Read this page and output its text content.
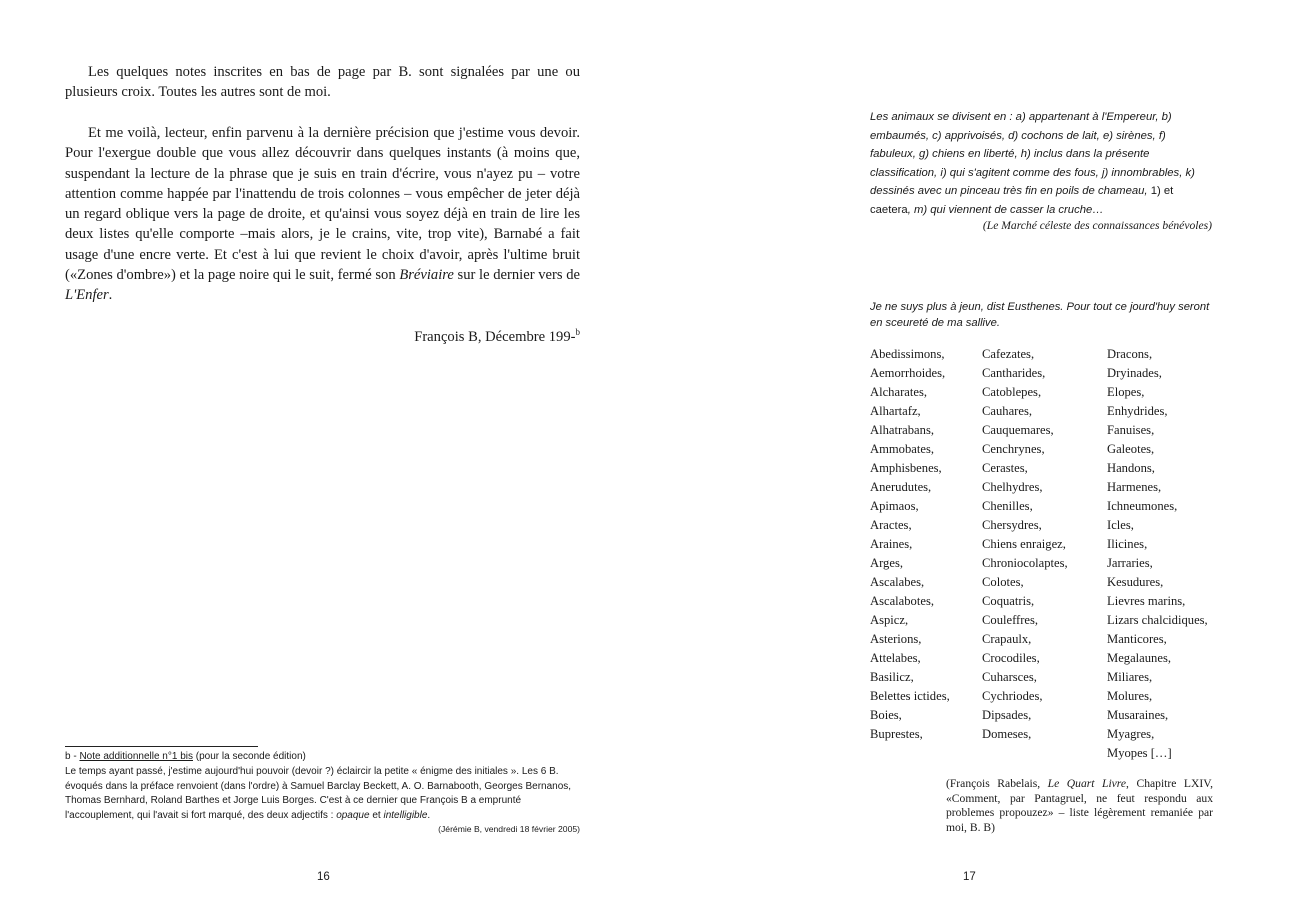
Les quelques notes inscrites en bas de page par B. sont signalées par une ou plusieurs croix. Toutes les autres sont de moi.

Et me voilà, lecteur, enfin parvenu à la dernière précision que j'estime vous devoir. Pour l'exergue double que vous allez découvrir dans quelques instants (à moins que, suspendant la lecture de la phrase que je suis en train d'écrire, vous n'ayez pu – votre attention comme happée par l'inattendu de trois colonnes – vous empêcher de jeter déjà un regard oblique vers la page de droite, et qu'ainsi vous soyez déjà en train de lire les deux listes qu'elle comporte –mais alors, je le crains, vite, trop vite), Barnabé a fait usage d'une encre verte. Et c'est à lui que revient le choix d'avoir, après l'ultime bruit («Zones d'ombre») et la page noire qui le suit, fermé son Bréviaire sur le dernier vers de L'Enfer.

François B, Décembre 199-$^b$

b - Note additionnelle n°1 bis (pour la seconde édition)

Le temps ayant passé, j'estime aujourd'hui pouvoir (devoir ?) éclaircir la petite « énigme des initiales ». Les 6 B. évoqués dans la préface renvoient (dans l'ordre) à Samuel Barclay Beckett, A. O. Barnabooth, Georges Bernanos, Thomas Bernhard, Roland Barthes et Jorge Luis Borges. C'est à ce dernier que François B a emprunté l'accouplement, qui l'avait si fort marqué, des deux adjectifs : opaque et intelligible.

(Jérémie B, vendredi 18 février 2005)
16

Les animaux se divisent en : a) appartenant à l'Empereur, b) embaumés, c) apprivoisés, d) cochons de lait, e) sirènes, f) fabuleux, g) chiens en liberté, h) inclus dans la présente classification, i) qui s'agitent comme des fous, j) innombrables, k) dessinés avec un pinceau très fin en poils de chameau, 1) et caetera, m) qui viennent de casser la cruche…

(Le Marché céleste des connaissances bénévoles)

Je ne suys plus à jeun, dist Eusthenes. Pour tout ce jourd'huy seront en sceureté de ma sallive.

Abedissimons,
Aemorrhoides,
Alcharates,
Alhartafz,
Alhatrabans,
Ammobates,
Amphisbenes,
Anerudutes,
Apimaos,
Aractes,
Araines,
Arges,
Ascalabes,
Ascalabotes,
Aspicz,
Asterions,
Attelabes,
Basilicz,
Belettes ictides,
Boies,
Buprestes,
Cafezates,
Cantharides,
Catoblepes,
Cauhares,
Cauquemares,
Cenchrynes,
Cerastes,
Chelhydres,
Chenilles,
Chersydres,
Chiens enraigez,
Chroniocolaptes,
Colotes,
Coquatris,
Couleffres,
Crapaulx,
Crocodiles,
Cuharsces,
Cychriodes,
Dipsades,
Domeses,
Dracons,
Dryinades,
Elopes,
Enhydrides,
Fanuises,
Galeotes,
Handons,
Harmenes,
Ichneumones,
Icles,
Ilicines,
Jarraries,
Kesudures,
Lievres marins,
Lizars chalcidiques,
Manticores,
Megalaunes,
Miliares,
Molures,
Musaraines,
Myagres,
Myopes […]

(François Rabelais, Le Quart Livre, Chapitre LXIV, «Comment, par Pantagruel, ne feut respondu aux problemes propouzez» – liste légèrement remaniée par moi, B. B)

17
